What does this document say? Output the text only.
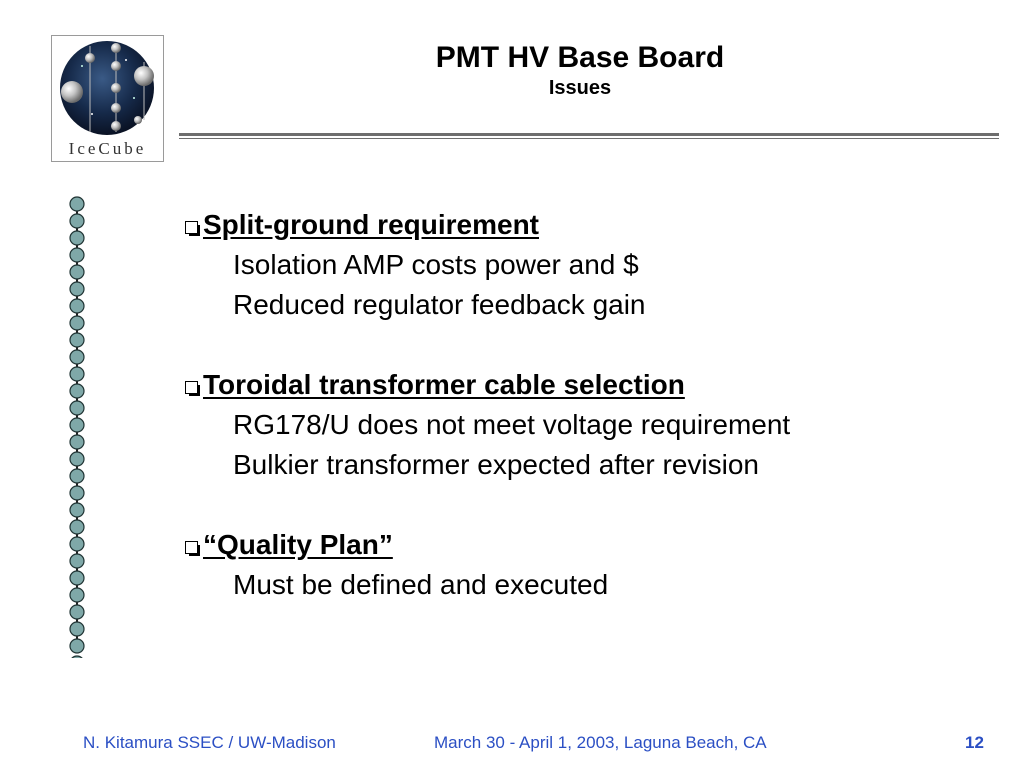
IceCube
PMT HV Base Board
Issues
Split-ground requirement
Isolation AMP costs power and $
Reduced regulator feedback gain
Toroidal transformer cable selection
RG178/U does not meet voltage requirement
Bulkier transformer expected after revision
“Quality Plan”
Must be defined and executed
N. Kitamura SSEC / UW-Madison	March 30 - April 1, 2003, Laguna Beach, CA	12
